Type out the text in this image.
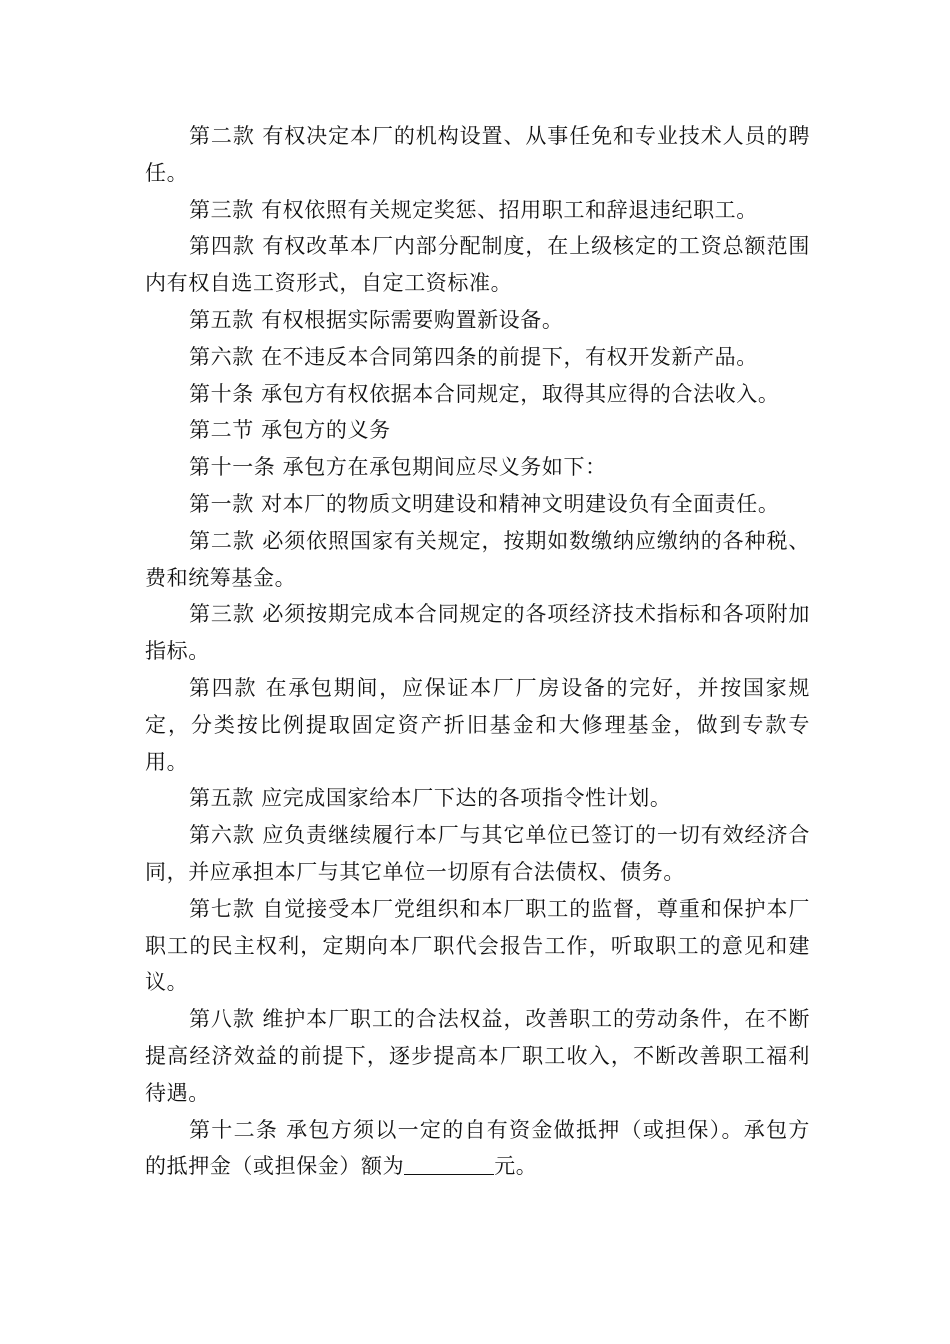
第二款 有权决定本厂的机构设置、从事任免和专业技术人员的聘任。

第三款 有权依照有关规定奖惩、招用职工和辞退违纪职工。

第四款 有权改革本厂内部分配制度，在上级核定的工资总额范围内有权自选工资形式，自定工资标准。

第五款 有权根据实际需要购置新设备。

第六款 在不违反本合同第四条的前提下，有权开发新产品。

第十条 承包方有权依据本合同规定，取得其应得的合法收入。

第二节 承包方的义务

第十一条 承包方在承包期间应尽义务如下：

第一款 对本厂的物质文明建设和精神文明建设负有全面责任。

第二款 必须依照国家有关规定，按期如数缴纳应缴纳的各种税、费和统筹基金。

第三款 必须按期完成本合同规定的各项经济技术指标和各项附加指标。

第四款 在承包期间，应保证本厂厂房设备的完好，并按国家规定，分类按比例提取固定资产折旧基金和大修理基金，做到专款专用。

第五款 应完成国家给本厂下达的各项指令性计划。

第六款 应负责继续履行本厂与其它单位已签订的一切有效经济合同，并应承担本厂与其它单位一切原有合法债权、债务。

第七款 自觉接受本厂党组织和本厂职工的监督，尊重和保护本厂职工的民主权利，定期向本厂职代会报告工作，听取职工的意见和建议。

第八款 维护本厂职工的合法权益，改善职工的劳动条件，在不断提高经济效益的前提下，逐步提高本厂职工收入，不断改善职工福利待遇。

第十二条 承包方须以一定的自有资金做抵押（或担保）。承包方的抵押金（或担保金）额为	元。
